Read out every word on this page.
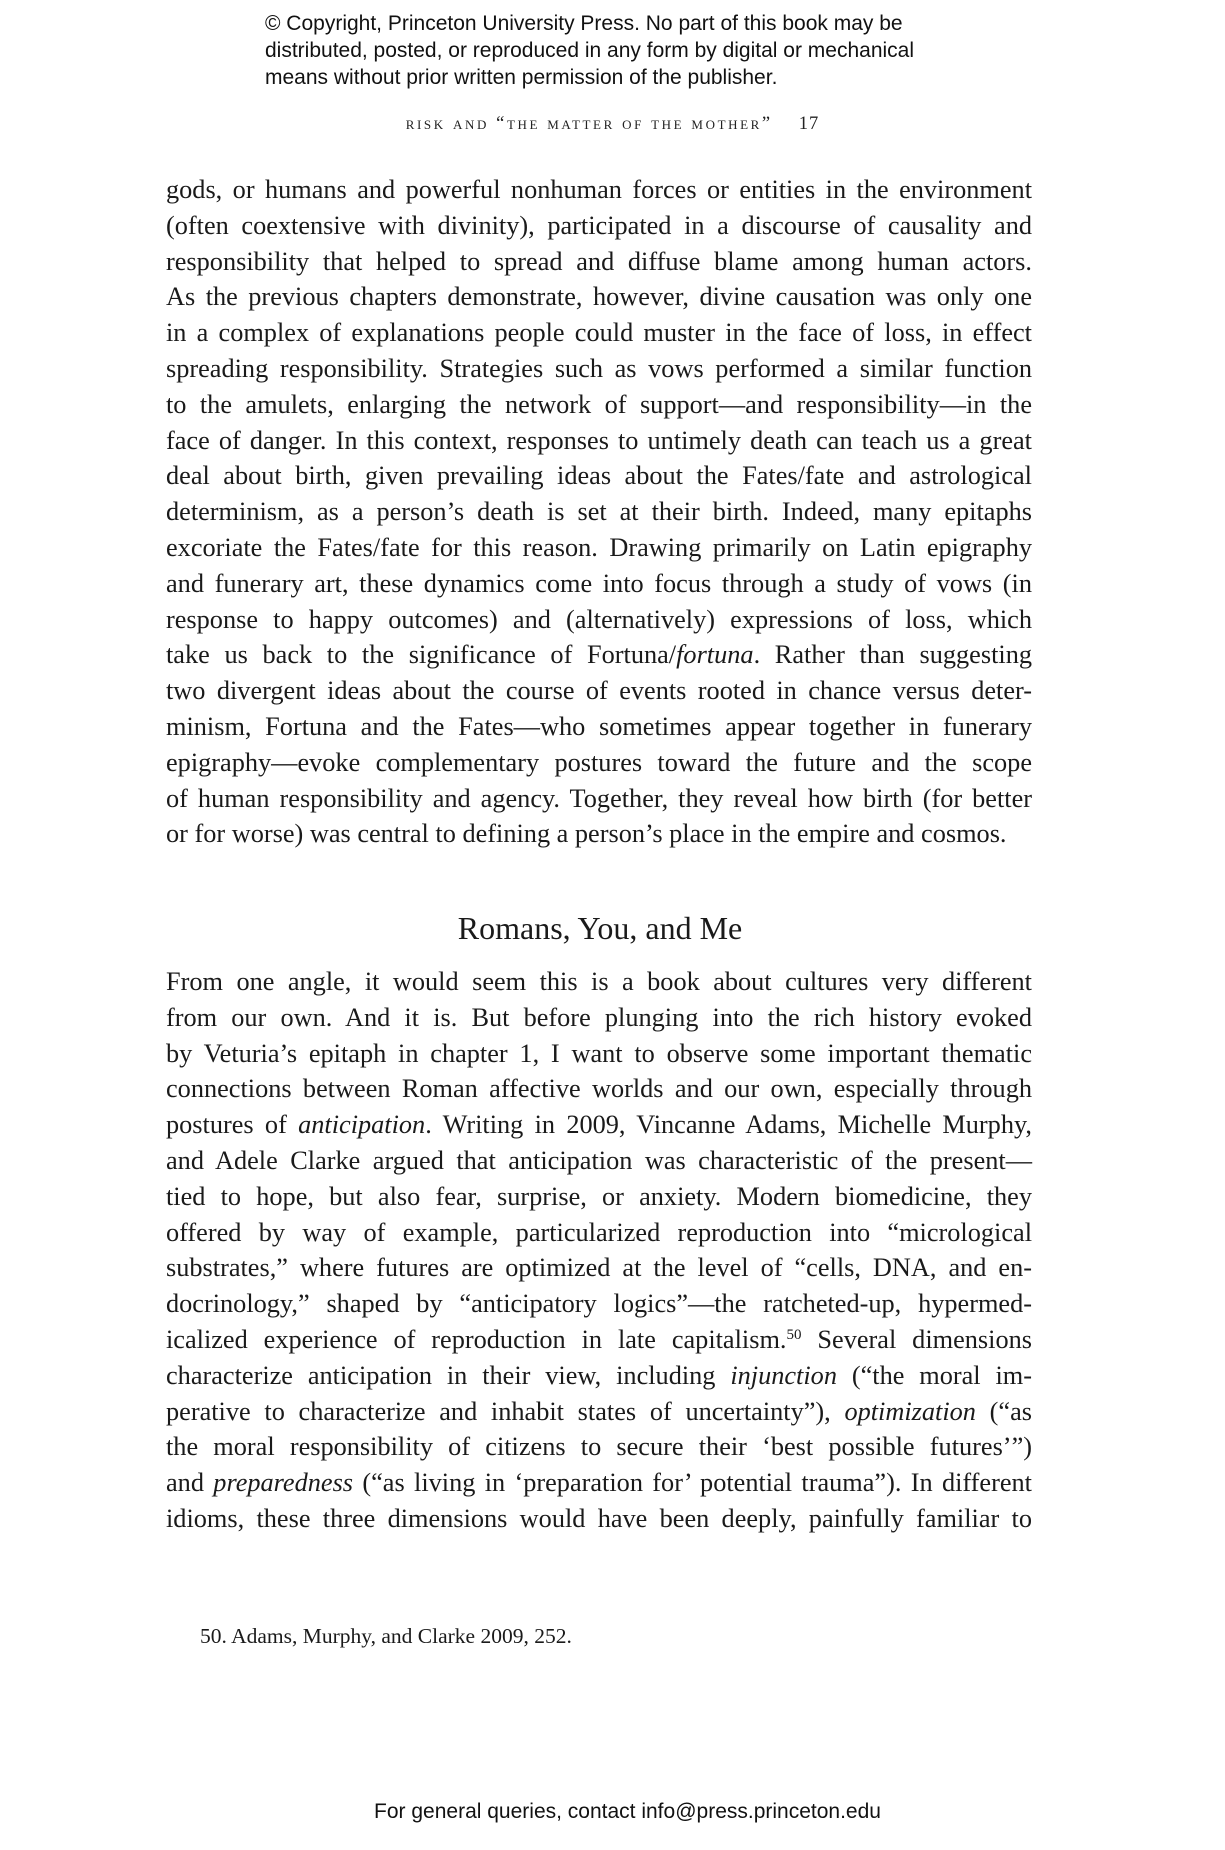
© Copyright, Princeton University Press. No part of this book may be

distributed, posted, or reproduced in any form by digital or mechanical

means without prior written permission of the publisher.

risk and “the matter of the mother” 17
gods, or humans and powerful nonhuman forces or entities in the environment
(often coextensive with divinity), participated in a discourse of causality and
responsibility that helped to spread and diffuse blame among human actors.
As the previous chapters demonstrate, however, divine causation was only one
in a complex of explanations people could muster in the face of loss, in effect
spreading responsibility. Strategies such as vows performed a similar function
to the amulets, enlarging the network of support—and responsibility—in the
face of danger. In this context, responses to untimely death can teach us a great
deal about birth, given prevailing ideas about the Fates/fate and astrological
determinism, as a person’s death is set at their birth. Indeed, many epitaphs
excoriate the Fates/fate for this reason. Drawing primarily on Latin epigraphy
and funerary art, these dynamics come into focus through a study of vows (in
response to happy outcomes) and (alternatively) expressions of loss, which
take us back to the significance of Fortuna/fortuna. Rather than suggesting
two divergent ideas about the course of events rooted in chance versus deter-
minism, Fortuna and the Fates—who sometimes appear together in funerary
epigraphy—evoke complementary postures toward the future and the scope
of human responsibility and agency. Together, they reveal how birth (for better
or for worse) was central to defining a person’s place in the empire and cosmos.
Romans, You, and Me
From one angle, it would seem this is a book about cultures very different
from our own. And it is. But before plunging into the rich history evoked
by Veturia’s epitaph in chapter 1, I want to observe some important thematic
connections between Roman affective worlds and our own, especially through
postures of anticipation. Writing in 2009, Vincanne Adams, Michelle Murphy,
and Adele Clarke argued that anticipation was characteristic of the present—
tied to hope, but also fear, surprise, or anxiety. Modern biomedicine, they
offered by way of example, particularized reproduction into “micrological
substrates,” where futures are optimized at the level of “cells, DNA, and en-
docrinology,” shaped by “anticipatory logics”—the ratcheted-up, hypermed-
icalized experience of reproduction in late capitalism.$^{50}$ Several dimensions
characterize anticipation in their view, including injunction (“the moral im-
perative to characterize and inhabit states of uncertainty”), optimization (“as
the moral responsibility of citizens to secure their ‘best possible futures’”)
and preparedness (“as living in ‘preparation for’ potential trauma”). In different
idioms, these three dimensions would have been deeply, painfully familiar to
50. Adams, Murphy, and Clarke 2009, 252.
For general queries, contact info@press.princeton.edu
